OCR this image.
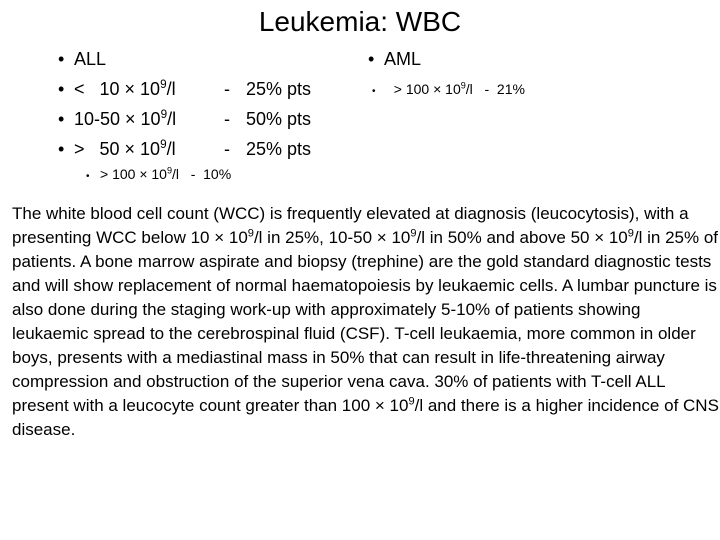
Leukemia: WBC
• ALL
• <   $10 \times 10^9/l$	- 25% pts
• $10-50 \times 10^9/l$	- 50% pts
• >   $50 \times 10^9/l$	- 25% pts
• > $100 \times 10^9/l - 10\%$
• AML
• > $100 \times 10^9/l - 21\%$

The white blood cell count (WCC) is frequently elevated at diagnosis (leucocytosis), with a presenting WCC below $10 \times 10^9/l$ in 25%, $10-50 \times 10^9/l$ in 50% and above $50 \times 10^9/l$ in 25% of patients. A bone marrow aspirate and biopsy (trephine) are the gold standard diagnostic tests and will show replacement of normal haematopoiesis by leukaemic cells. A lumbar puncture is also done during the staging work-up with approximately 5-10% of patients showing leukaemic spread to the cerebrospinal fluid (CSF). T-cell leukaemia, more common in older boys, presents with a mediastinal mass in 50% that can result in life-threatening airway compression and obstruction of the superior vena cava. 30% of patients with T-cell ALL present with a leucocyte count greater than $100 \times 10^9/l$ and there is a higher incidence of CNS disease.
